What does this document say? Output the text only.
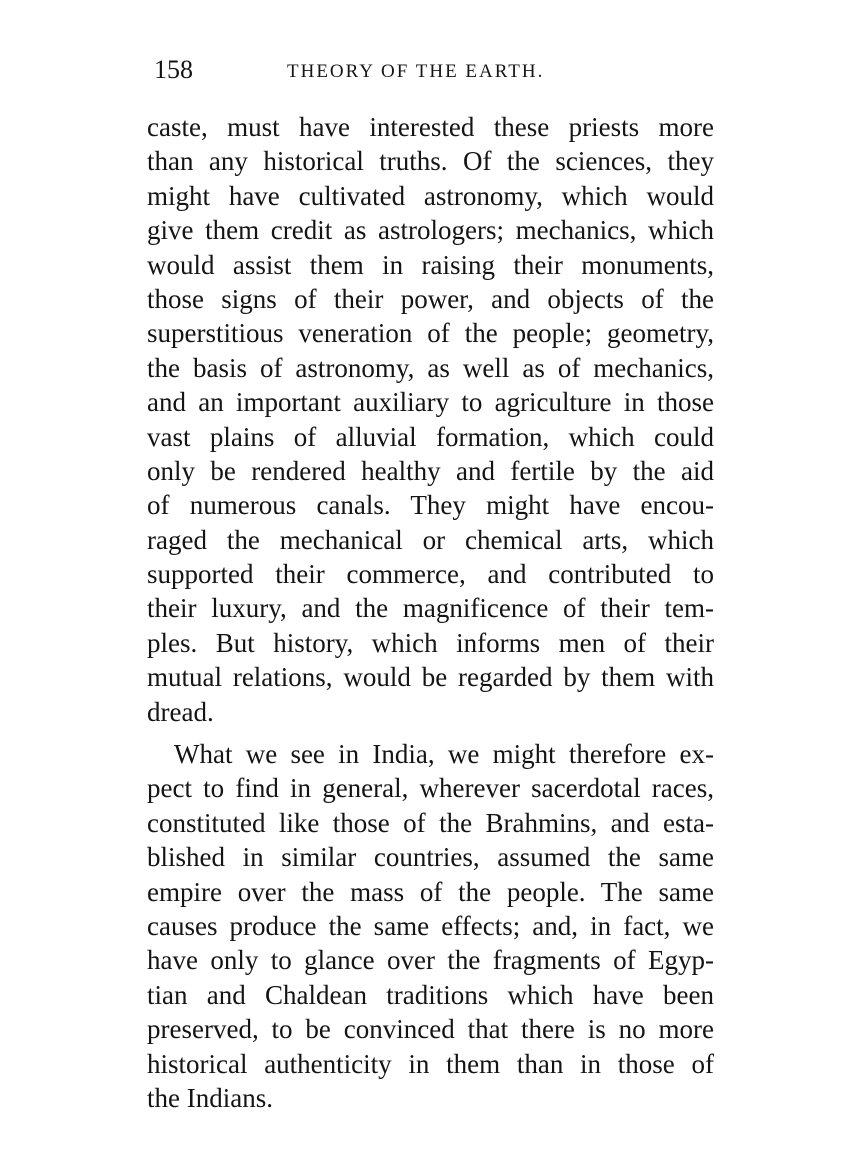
158	THEORY OF THE EARTH.
caste, must have interested these priests more
than any historical truths. Of the sciences, they
might have cultivated astronomy, which would
give them credit as astrologers; mechanics, which
would assist them in raising their monuments,
those signs of their power, and objects of the
superstitious veneration of the people; geometry,
the basis of astronomy, as well as of mechanics,
and an important auxiliary to agriculture in those
vast plains of alluvial formation, which could
only be rendered healthy and fertile by the aid
of numerous canals. They might have encou-
raged the mechanical or chemical arts, which
supported their commerce, and contributed to
their luxury, and the magnificence of their tem-
ples. But history, which informs men of their
mutual relations, would be regarded by them with
dread.
What we see in India, we might therefore ex-
pect to find in general, wherever sacerdotal races,
constituted like those of the Brahmins, and esta-
blished in similar countries, assumed the same
empire over the mass of the people. The same
causes produce the same effects; and, in fact, we
have only to glance over the fragments of Egyp-
tian and Chaldean traditions which have been
preserved, to be convinced that there is no more
historical authenticity in them than in those of
the Indians.
